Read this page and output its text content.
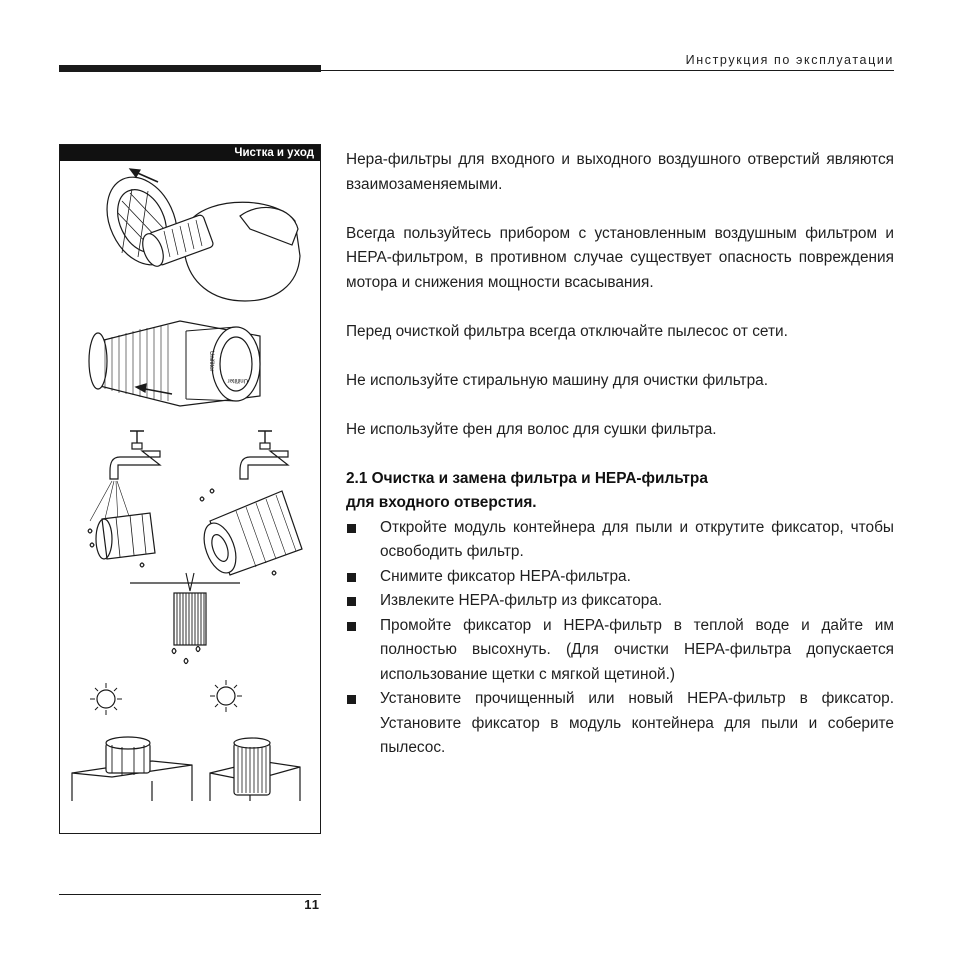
Инструкция по эксплуатации
Чистка и уход
Unifilter
Unifilter

Hepa-фильтры для входного и выходного воздушного отверстий являются взаимозаменяемыми.

Всегда пользуйтесь прибором с установленным воздушным фильтром и HEPA-фильтром, в противном случае существует опасность повреждения мотора и снижения мощности всасывания.

Перед очисткой фильтра всегда отключайте пылесос от сети.

Не используйте стиральную машину для очистки фильтра.

Не используйте фен для волос для сушки фильтра.

2.1 Очистка и замена фильтра и HEPA-фильтра
для входного отверстия.
Откройте модуль контейнера для пыли и открутите фиксатор, чтобы освободить фильтр.
Снимите фиксатор HEPA-фильтра.
Извлеките HEPA-фильтр из фиксатора.
Промойте фиксатор и HEPA-фильтр в теплой воде и дайте им полностью высохнуть. (Для очистки HEPA-фильтра допускается использование щетки с мягкой щетиной.)
Установите прочищенный или новый HEPA-фильтр в фиксатор. Установите фиксатор в модуль контейнера для пыли и соберите пылесос.
11
